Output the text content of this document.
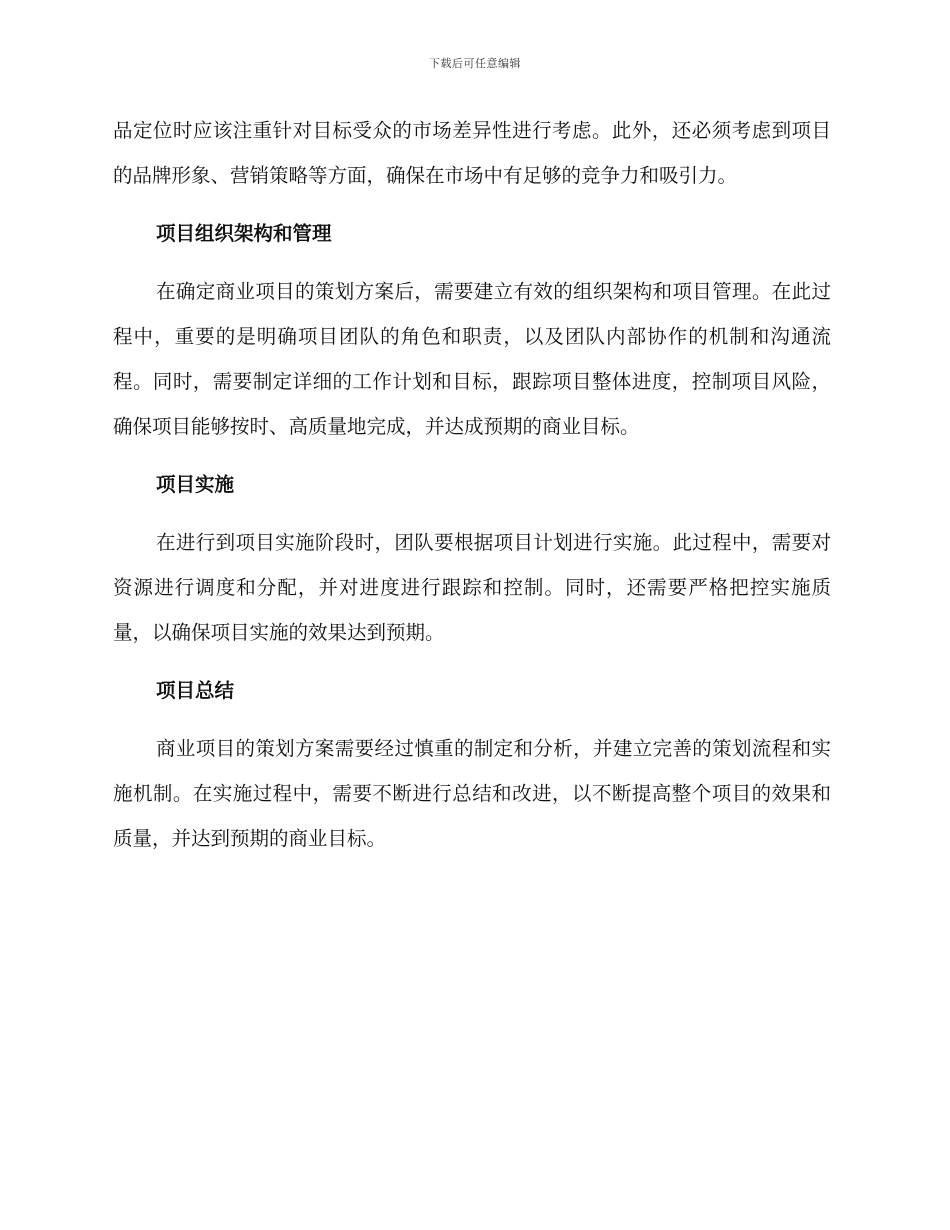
下载后可任意编辑

品定位时应该注重针对目标受众的市场差异性进行考虑。此外，还必须考虑到项目的品牌形象、营销策略等方面，确保在市场中有足够的竞争力和吸引力。

项目组织架构和管理

在确定商业项目的策划方案后，需要建立有效的组织架构和项目管理。在此过程中，重要的是明确项目团队的角色和职责，以及团队内部协作的机制和沟通流程。同时，需要制定详细的工作计划和目标，跟踪项目整体进度，控制项目风险，确保项目能够按时、高质量地完成，并达成预期的商业目标。

项目实施

在进行到项目实施阶段时，团队要根据项目计划进行实施。此过程中，需要对资源进行调度和分配，并对进度进行跟踪和控制。同时，还需要严格把控实施质量，以确保项目实施的效果达到预期。

项目总结

商业项目的策划方案需要经过慎重的制定和分析，并建立完善的策划流程和实施机制。在实施过程中，需要不断进行总结和改进，以不断提高整个项目的效果和质量，并达到预期的商业目标。
